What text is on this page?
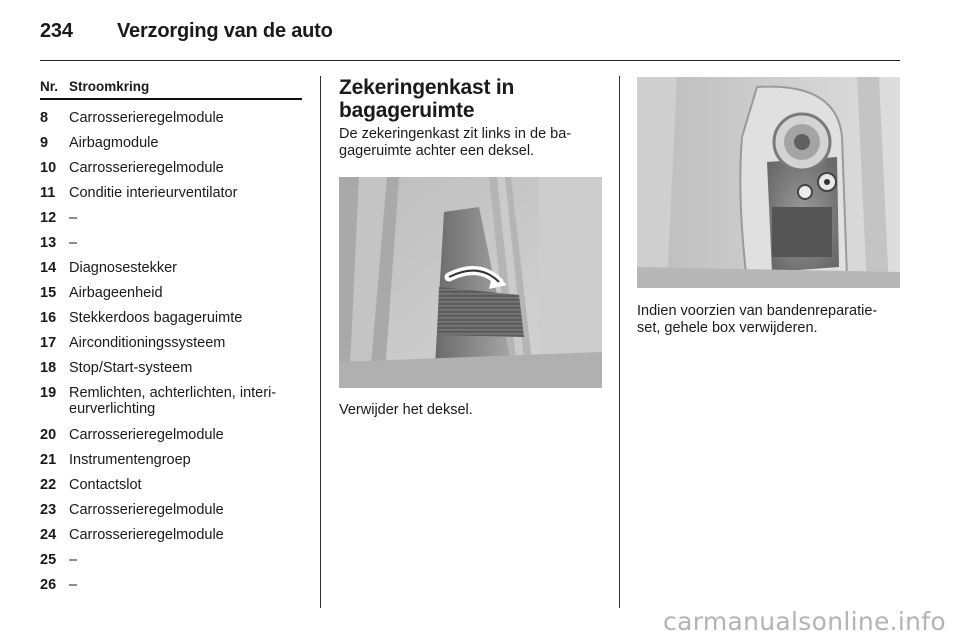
234 Verzorging van de auto
Nr. Stroomkring
8 Carrosserieregelmodule
9 Airbagmodule
10 Carrosserieregelmodule
11 Conditie interieurventilator
12 –
13 –
14 Diagnosestekker
15 Airbageenheid
16 Stekkerdoos bagageruimte
17 Airconditioningssysteem
18 Stop/Start-systeem
19 Remlichten, achterlichten, interi-
eurverlichting
20 Carrosserieregelmodule
21 Instrumentengroep
22 Contactslot
23 Carrosserieregelmodule
24 Carrosserieregelmodule
25 –
26 –
Zekeringenkast in
bagageruimte

De zekeringenkast zit links in de ba-
gageruimte achter een deksel.

Verwijder het deksel.
Indien voorzien van bandenreparatie-
set, gehele box verwijderen.
carmanualsonline.info
